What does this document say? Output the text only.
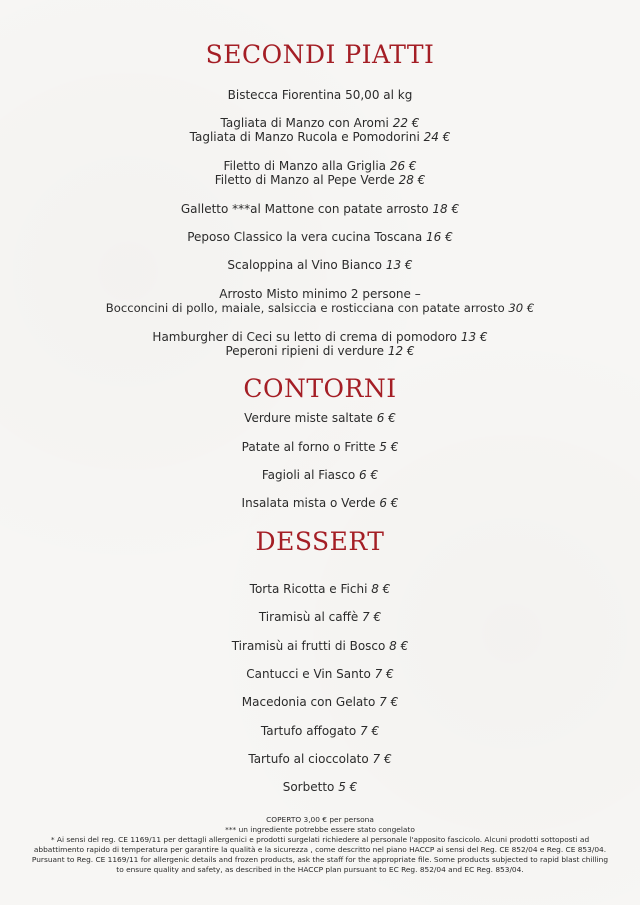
SECONDI PIATTI
Bistecca Fiorentina 50,00 al kg
Tagliata di Manzo con Aromi 22 €
Tagliata di Manzo Rucola e Pomodorini 24 €
Filetto di Manzo alla Griglia 26 €
Filetto di Manzo al Pepe Verde 28 €
Galletto ***al Mattone con patate arrosto 18 €
Peposo Classico la vera cucina Toscana 16 €
Scaloppina al Vino Bianco 13 €
Arrosto Misto minimo 2 persone –
Bocconcini di pollo, maiale, salsiccia e rosticciana con patate arrosto 30 €
Hamburgher di Ceci su letto di crema di pomodoro 13 €
Peperoni ripieni di verdure 12 €
CONTORNI
Verdure miste saltate 6 €
Patate al forno o Fritte 5 €
Fagioli al Fiasco 6 €
Insalata mista o Verde 6 €
DESSERT
Torta Ricotta e Fichi 8 €
Tiramisù al caffè 7 €
Tiramisù ai frutti di Bosco 8 €
Cantucci e Vin Santo 7 €
Macedonia con Gelato 7 €
Tartufo affogato 7 €
Tartufo al cioccolato 7 €
Sorbetto 5 €
COPERTO 3,00 € per persona
*** un ingrediente potrebbe essere stato congelato
* Ai sensi del reg. CE 1169/11 per dettagli allergenici e prodotti surgelati richiedere al personale l'apposito fascicolo. Alcuni prodotti sottoposti ad abbattimento rapido di temperatura per garantire la qualità e la sicurezza , come descritto nel piano HACCP ai sensi del Reg. CE 852/04 e Reg. CE 853/04.
Pursuant to Reg. CE 1169/11 for allergenic details and frozen products, ask the staff for the appropriate file. Some products subjected to rapid blast chilling to ensure quality and safety, as described in the HACCP plan pursuant to EC Reg. 852/04 and EC Reg. 853/04.
